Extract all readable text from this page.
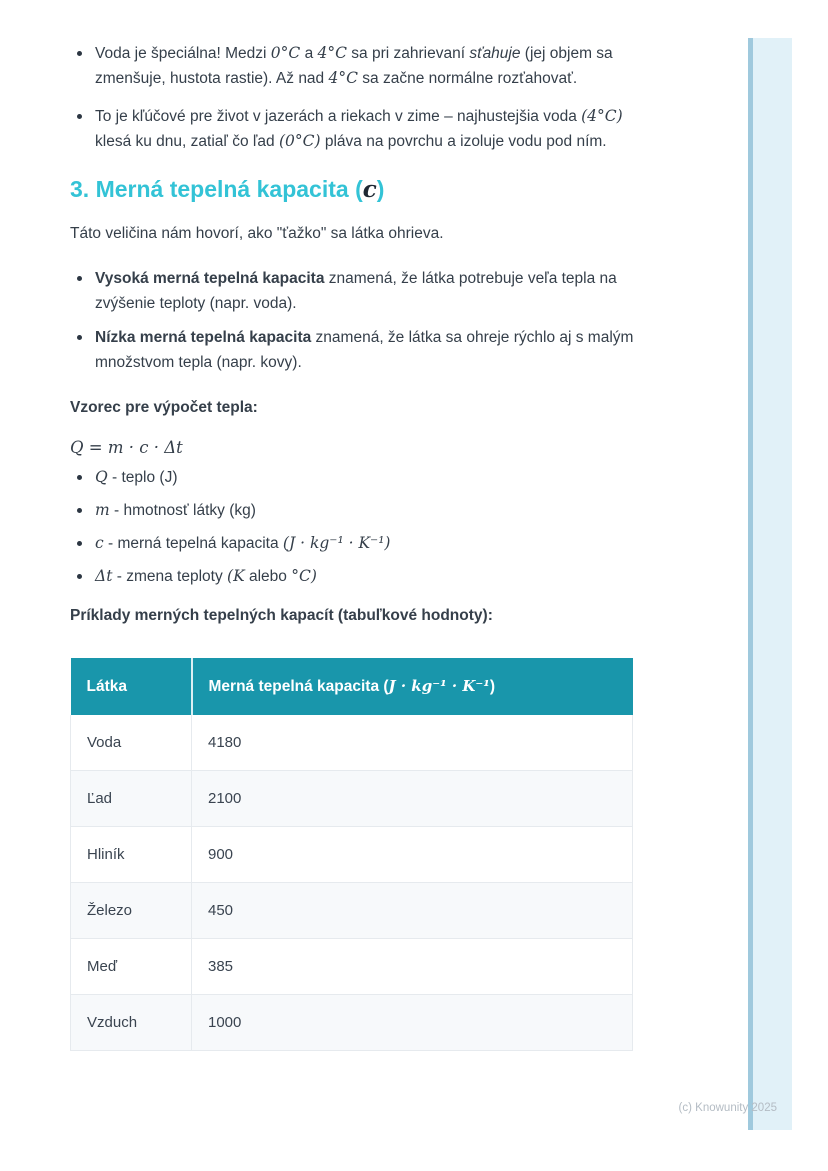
Voda je špeciálna! Medzi 0°C a 4°C sa pri zahrievaní sťahuje (jej objem sa zmenšuje, hustota rastie). Až nad 4°C sa začne normálne rozťahovať.
To je kľúčové pre život v jazerách a riekach v zime – najhustejšia voda (4°C) klesá ku dnu, zatiaľ čo ľad (0°C) pláva na povrchu a izoluje vodu pod ním.
3. Merná tepelná kapacita (c)

Táto veličina nám hovorí, ako "ťažko" sa látka ohrieva.

Vysoká merná tepelná kapacita znamená, že látka potrebuje veľa tepla na zvýšenie teploty (napr. voda).
Nízka merná tepelná kapacita znamená, že látka sa ohreje rýchlo aj s malým množstvom tepla (napr. kovy).

Vzorec pre výpočet tepla:

Q = m · c · Δt
Q - teplo (J)
m - hmotnosť látky (kg)
c - merná tepelná kapacita (J · kg⁻¹ · K⁻¹)
Δt - zmena teploty (K alebo °C)

Príklady merných tepelných kapacít (tabuľkové hodnoty):

Látka	Merná tepelná kapacita (J · kg⁻¹ · K⁻¹)
Voda	4180
Ľad	2100
Hliník	900
Železo	450
Meď	385
Vzduch	1000
(c) Knowunity 2025
